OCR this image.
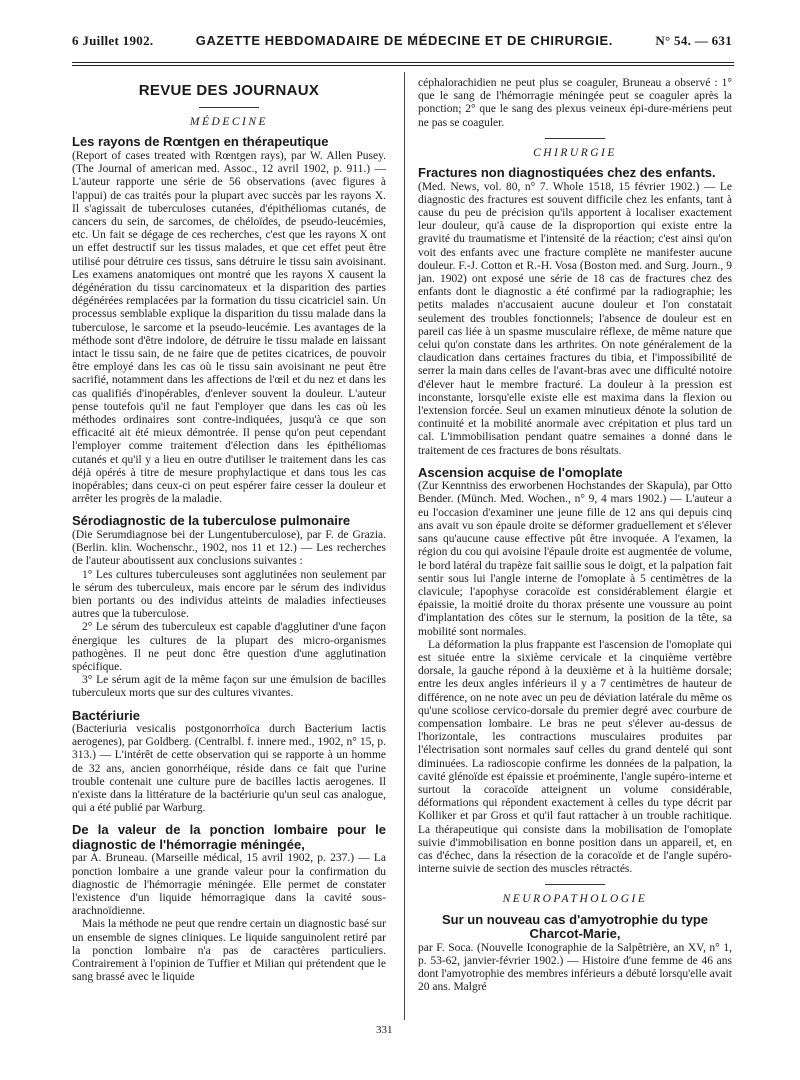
6 Juillet 1902.	GAZETTE HEBDOMADAIRE DE MÉDECINE ET DE CHIRURGIE.	N° 54. — 631
REVUE DES JOURNAUX
MÉDECINE
Les rayons de Rœntgen en thérapeutique

(Report of cases treated with Rœntgen rays), par W. Allen Pusey. (The Journal of american med. Assoc., 12 avril 1902, p. 911.) — L'auteur rapporte une série de 56 observations (avec figures à l'appui) de cas traités pour la plupart avec succès par les rayons X. Il s'agissait de tuberculoses cutanées, d'épithéliomas cutanés, de cancers du sein, de sarcomes, de chéloïdes, de pseudo-leucémies, etc. Un fait se dégage de ces recherches, c'est que les rayons X ont un effet destructif sur les tissus malades, et que cet effet peut être utilisé pour détruire ces tissus, sans détruire le tissu sain avoisinant. Les examens anatomiques ont montré que les rayons X causent la dégénération du tissu carcinomateux et la disparition des parties dégénérées remplacées par la formation du tissu cicatriciel sain. Un processus semblable explique la disparition du tissu malade dans la tuberculose, le sarcome et la pseudo-leucémie. Les avantages de la méthode sont d'être indolore, de détruire le tissu malade en laissant intact le tissu sain, de ne faire que de petites cicatrices, de pouvoir être employé dans les cas où le tissu sain avoisinant ne peut être sacrifié, notamment dans les affections de l'œil et du nez et dans les cas qualifiés d'inopérables, d'enlever souvent la douleur. L'auteur pense toutefois qu'il ne faut l'employer que dans les cas où les méthodes ordinaires sont contre-indiquées, jusqu'à ce que son efficacité ait été mieux démontrée. Il pense qu'on peut cependant l'employer comme traitement d'élection dans les épithéliomas cutanés et qu'il y a lieu en outre d'utiliser le traitement dans les cas déjà opérés à titre de mesure prophylactique et dans tous les cas inopérables; dans ceux-ci on peut espérer faire cesser la douleur et arrêter les progrès de la maladie.

Sérodiagnostic de la tuberculose pulmonaire

(Die Serumdiagnose bei der Lungentuberculose), par F. de Grazia. (Berlin. klin. Wochenschr., 1902, nos 11 et 12.) — Les recherches de l'auteur aboutissent aux conclusions suivantes :

1° Les cultures tuberculeuses sont agglutinées non seulement par le sérum des tuberculeux, mais encore par le sérum des individus bien portants ou des individus atteints de maladies infectieuses autres que la tuberculose.

2° Le sérum des tuberculeux est capable d'agglutiner d'une façon énergique les cultures de la plupart des micro-organismes pathogènes. Il ne peut donc être question d'une agglutination spécifique.

3° Le sérum agit de la même façon sur une émulsion de bacilles tuberculeux morts que sur des cultures vivantes.

Bactériurie

(Bacteriuria vesicalis postgonorrhoïca durch Bacterium lactis aerogenes), par Goldberg. (Centralbl. f. innere med., 1902, n° 15, p. 313.) — L'intérêt de cette observation qui se rapporte à un homme de 32 ans, ancien gonorrhéique, réside dans ce fait que l'urine trouble contenait une culture pure de bacilles lactis aerogenes. Il n'existe dans la littérature de la bactériurie qu'un seul cas analogue, qui a été publié par Warburg.

De la valeur de la ponction lombaire pour le diagnostic de l'hémorragie méningée,

par A. Bruneau. (Marseille médical, 15 avril 1902, p. 237.) — La ponction lombaire a une grande valeur pour la confirmation du diagnostic de l'hémorragie méningée. Elle permet de constater l'existence d'un liquide hémorragique dans la cavité sous-arachnoïdienne.

Mais la méthode ne peut que rendre certain un diagnostic basé sur un ensemble de signes cliniques. Le liquide sanguinolent retiré par la ponction lombaire n'a pas de caractères particuliers. Contrairement à l'opinion de Tuffier et Milian qui prétendent que le sang brassé avec le liquide

céphalorachidien ne peut plus se coaguler, Bruneau a observé : 1° que le sang de l'hémorragie méningée peut se coaguler après la ponction; 2° que le sang des plexus veineux épi-dure-mériens peut ne pas se coaguler.

CHIRURGIE
Fractures non diagnostiquées chez des enfants.

(Med. News, vol. 80, n° 7. Whole 1518, 15 février 1902.) — Le diagnostic des fractures est souvent difficile chez les enfants, tant à cause du peu de précision qu'ils apportent à localiser exactement leur douleur, qu'à cause de la disproportion qui existe entre la gravité du traumatisme et l'intensité de la réaction; c'est ainsi qu'on voit des enfants avec une fracture complète ne manifester aucune douleur. F.-J. Cotton et R.-H. Vosa (Boston med. and Surg. Journ., 9 jan. 1902) ont exposé une série de 18 cas de fractures chez des enfants dont le diagnostic a été confirmé par la radiographie; les petits malades n'accusaient aucune douleur et l'on constatait seulement des troubles fonctionnels; l'absence de douleur est en pareil cas liée à un spasme musculaire réflexe, de même nature que celui qu'on constate dans les arthrites. On note généralement de la claudication dans certaines fractures du tibia, et l'impossibilité de serrer la main dans celles de l'avant-bras avec une difficulté notoire d'élever haut le membre fracturé. La douleur à la pression est inconstante, lorsqu'elle existe elle est maxima dans la flexion ou l'extension forcée. Seul un examen minutieux dénote la solution de continuité et la mobilité anormale avec crépitation et plus tard un cal. L'immobilisation pendant quatre semaines a donné dans le traitement de ces fractures de bons résultats.

Ascension acquise de l'omoplate

(Zur Kenntniss des erworbenen Hochstandes der Skapula), par Otto Bender. (Münch. Med. Wochen., n° 9, 4 mars 1902.) — L'auteur a eu l'occasion d'examiner une jeune fille de 12 ans qui depuis cinq ans avait vu son épaule droite se déformer graduellement et s'élever sans qu'aucune cause effective pût être invoquée. A l'examen, la région du cou qui avoisine l'épaule droite est augmentée de volume, le bord latéral du trapèze fait saillie sous le doigt, et la palpation fait sentir sous lui l'angle interne de l'omoplate à 5 centimètres de la clavicule; l'apophyse coracoïde est considérablement élargie et épaissie, la moitié droite du thorax présente une voussure au point d'implantation des côtes sur le sternum, la position de la tête, sa mobilité sont normales.

La déformation la plus frappante est l'ascension de l'omoplate qui est située entre la sixième cervicale et la cinquième vertèbre dorsale, la gauche répond à la deuxième et à la huitième dorsale; entre les deux angles inférieurs il y a 7 centimètres de hauteur de différence, on ne note avec un peu de déviation latérale du même os qu'une scoliose cervico-dorsale du premier degré avec courbure de compensation lombaire. Le bras ne peut s'élever au-dessus de l'horizontale, les contractions musculaires produites par l'électrisation sont normales sauf celles du grand dentelé qui sont diminuées. La radioscopie confirme les données de la palpation, la cavité glénoïde est épaissie et proéminente, l'angle supéro-interne et surtout la coracoïde atteignent un volume considérable, déformations qui répondent exactement à celles du type décrit par Kolliker et par Gross et qu'il faut rattacher à un trouble rachitique. La thérapeutique qui consiste dans la mobilisation de l'omoplate suivie d'immobilisation en bonne position dans un appareil, et, en cas d'échec, dans la résection de la coracoïde et de l'angle supéro-interne suivie de section des muscles rétractés.

NEUROPATHOLOGIE
Sur un nouveau cas d'amyotrophie du type Charcot-Marie,

par F. Soca. (Nouvelle Iconographie de la Salpêtrière, an XV, n° 1, p. 53-62, janvier-février 1902.) — Histoire d'une femme de 46 ans dont l'amyotrophie des membres inférieurs a débuté lorsqu'elle avait 20 ans. Malgré

331
